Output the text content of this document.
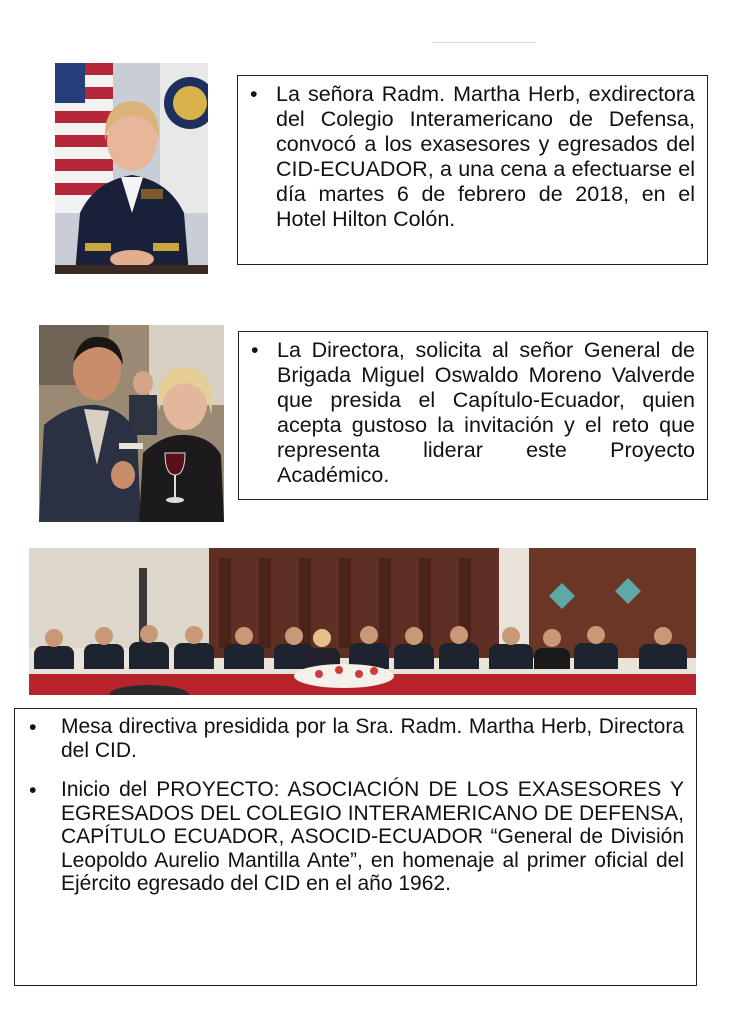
• La señora Radm. Martha Herb, exdirectora del Colegio Interamericano de Defensa, convocó a los exasesores y egresados del CID-ECUADOR, a una cena a efectuarse el día martes 6 de febrero de 2018, en el Hotel Hilton Colón.
• La Directora, solicita al señor General de Brigada Miguel Oswaldo Moreno Valverde que presida el Capítulo-Ecuador, quien acepta gustoso la invitación y el reto que representa liderar este Proyecto Académico.
• Mesa directiva presidida por la Sra. Radm. Martha Herb, Directora del CID.
• Inicio del PROYECTO: ASOCIACIÓN DE LOS EXASESORES Y EGRESADOS DEL COLEGIO INTERAMERICANO DE DEFENSA, CAPÍTULO ECUADOR, ASOCID-ECUADOR “General de División Leopoldo Aurelio Mantilla Ante”, en homenaje al primer oficial del Ejército egresado del CID en el año 1962.
